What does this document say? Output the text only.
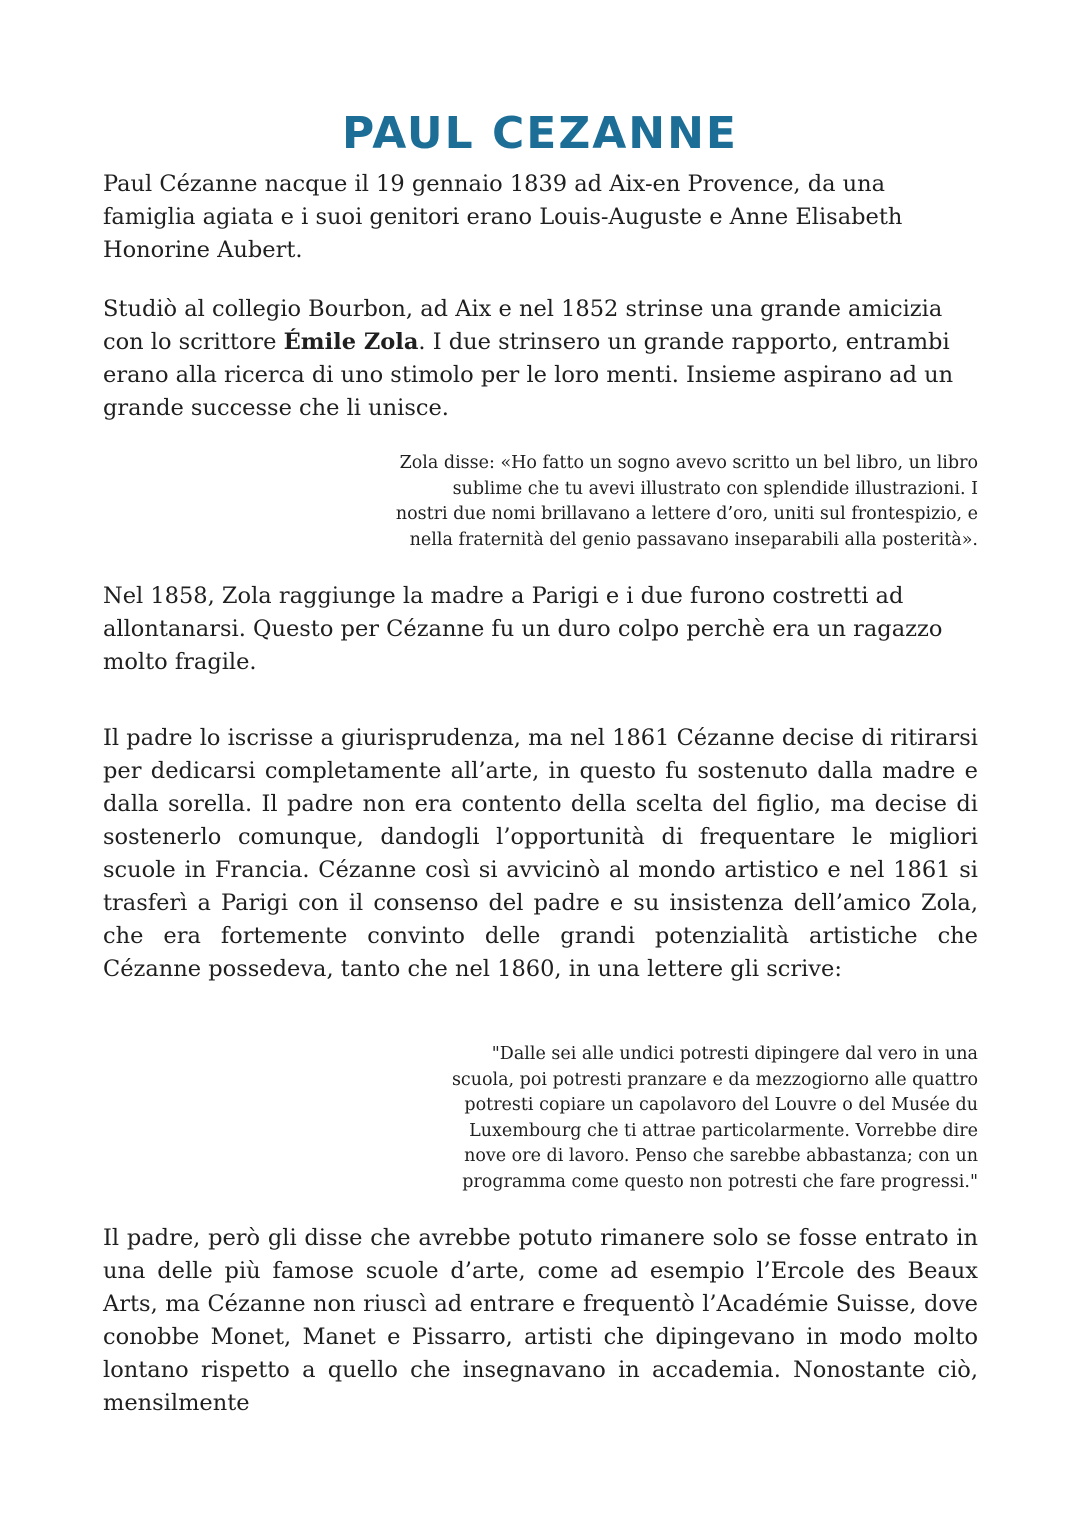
PAUL CEZANNE

Paul Cézanne nacque il 19 gennaio 1839 ad Aix-en Provence, da una famiglia agiata e i suoi genitori erano Louis-Auguste e Anne Elisabeth Honorine Aubert.

Studiò al collegio Bourbon, ad Aix e nel 1852 strinse una grande amicizia con lo scrittore Émile Zola. I due strinsero un grande rapporto, entrambi erano alla ricerca di uno stimolo per le loro menti. Insieme aspirano ad un grande successe che li unisce.

Zola disse: «Ho fatto un sogno avevo scritto un bel libro, un libro
sublime che tu avevi illustrato con splendide illustrazioni. I
nostri due nomi brillavano a lettere d’oro, uniti sul frontespizio, e
nella fraternità del genio passavano inseparabili alla posterità».

Nel 1858, Zola raggiunge la madre a Parigi e i due furono costretti ad allontanarsi. Questo per Cézanne fu un duro colpo perchè era un ragazzo molto fragile.

Il padre lo iscrisse a giurisprudenza, ma nel 1861 Cézanne decise di ritirarsi per dedicarsi completamente all’arte, in questo fu sostenuto dalla madre e dalla sorella. Il padre non era contento della scelta del figlio, ma decise di sostenerlo comunque, dandogli l’opportunità di frequentare le migliori scuole in Francia. Cézanne così si avvicinò al mondo artistico e nel 1861 si trasferì a Parigi con il consenso del padre e su insistenza dell’amico Zola, che era fortemente convinto delle grandi potenzialità artistiche che Cézanne possedeva, tanto che nel 1860, in una lettere gli scrive:

"Dalle sei alle undici potresti dipingere dal vero in una
scuola, poi potresti pranzare e da mezzogiorno alle quattro
potresti copiare un capolavoro del Louvre o del Musée du
Luxembourg che ti attrae particolarmente. Vorrebbe dire
nove ore di lavoro. Penso che sarebbe abbastanza; con un
programma come questo non potresti che fare progressi."

Il padre, però gli disse che avrebbe potuto rimanere solo se fosse entrato in una delle più famose scuole d’arte, come ad esempio l’Ercole des Beaux Arts, ma Cézanne non riuscì ad entrare e frequentò l’Académie Suisse, dove conobbe Monet, Manet e Pissarro, artisti che dipingevano in modo molto lontano rispetto a quello che insegnavano in accademia. Nonostante ciò, mensilmente
